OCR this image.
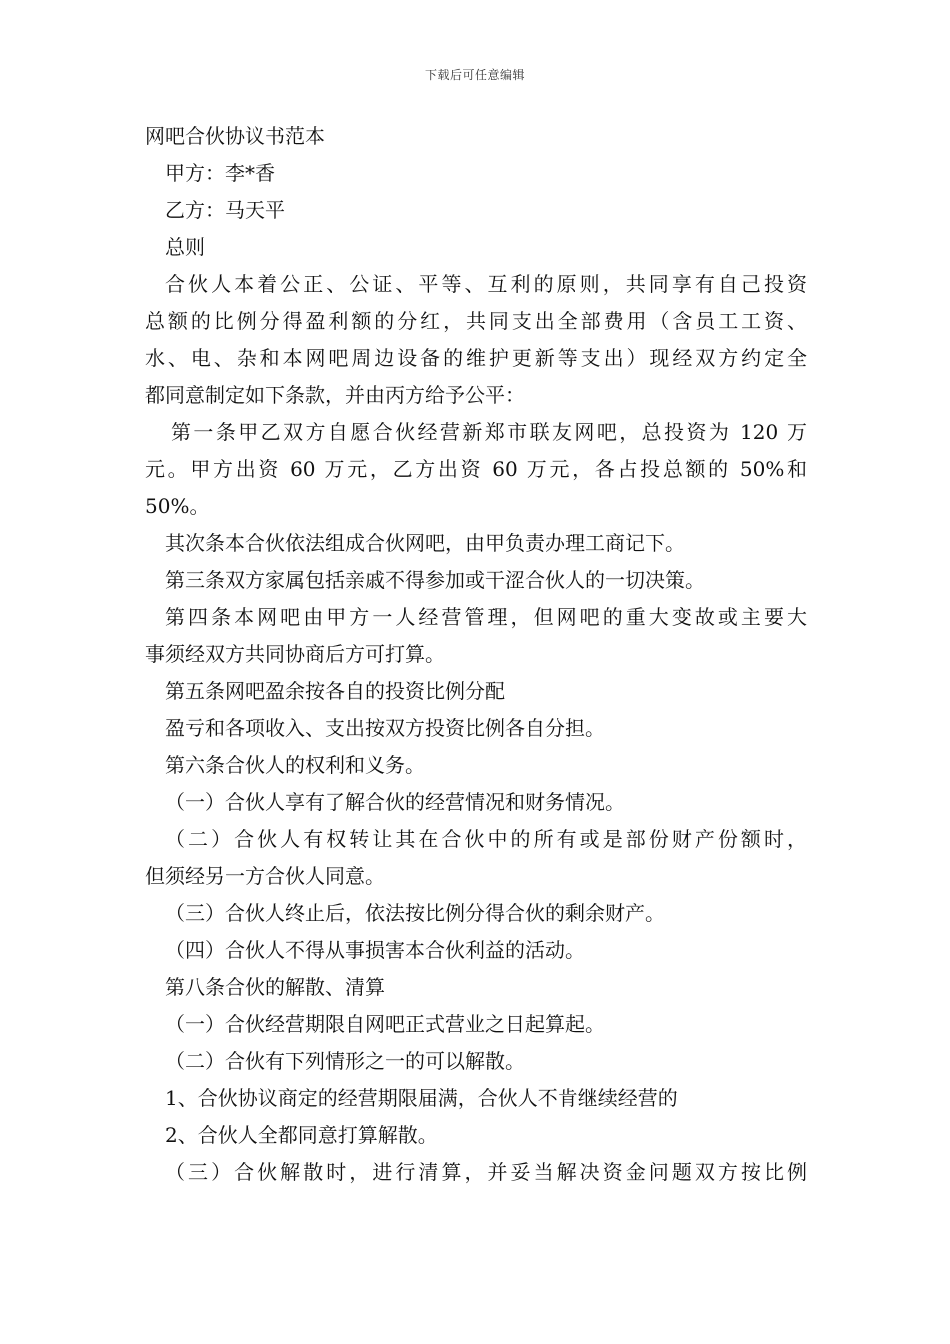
下载后可任意编辑
网吧合伙协议书范本
甲方：李*香
乙方：马天平
总则
合伙人本着公正、公证、平等、互利的原则，共同享有自己投资
总额的比例分得盈利额的分红，共同支出全部费用（含员工工资、
水、电、杂和本网吧周边设备的维护更新等支出）现经双方约定全
都同意制定如下条款，并由丙方给予公平：
第一条甲乙双方自愿合伙经营新郑市联友网吧，总投资为 120 万
元。甲方出资 60 万元，乙方出资 60 万元，各占投总额的 50%和
50%。
其次条本合伙依法组成合伙网吧，由甲负责办理工商记下。
第三条双方家属包括亲戚不得参加或干涩合伙人的一切决策。
第四条本网吧由甲方一人经营管理，但网吧的重大变故或主要大
事须经双方共同协商后方可打算。
第五条网吧盈余按各自的投资比例分配
盈亏和各项收入、支出按双方投资比例各自分担。
第六条合伙人的权利和义务。
（一）合伙人享有了解合伙的经营情况和财务情况。
（二）合伙人有权转让其在合伙中的所有或是部份财产份额时，
但须经另一方合伙人同意。
（三）合伙人终止后，依法按比例分得合伙的剩余财产。
（四）合伙人不得从事损害本合伙利益的活动。
第八条合伙的解散、清算
（一）合伙经营期限自网吧正式营业之日起算起。
（二）合伙有下列情形之一的可以解散。
1、合伙协议商定的经营期限届满，合伙人不肯继续经营的
2、合伙人全都同意打算解散。
（三）合伙解散时，进行清算，并妥当解决资金问题双方按比例
